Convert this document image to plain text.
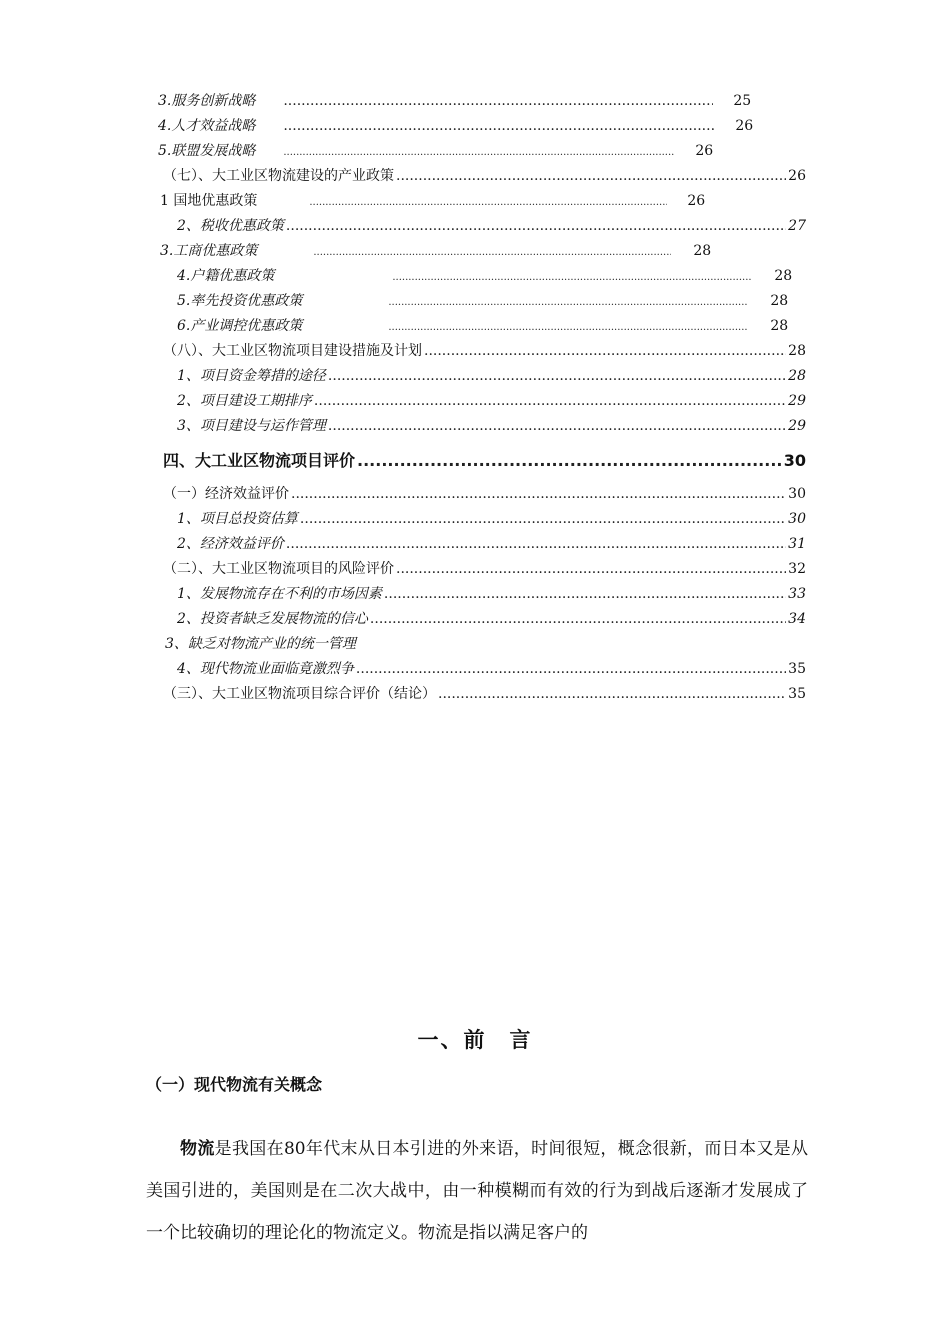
3.服务创新战略 .....	25
4.人才效益战略 .....	26
5.联盟发展战略 .....	26
（七）、大工业区物流建设的产业政策 .....	26
1 国地优惠政策 .....	26
2、税收优惠政策 .....	27
3.工商优惠政策 .....	28
4.户籍优惠政策 .....	28
5.率先投资优惠政策 .....	28
6.产业调控优惠政策 .....	28
（八）、大工业区物流项目建设措施及计划 .....	28
1、项目资金筹措的途径 .....	28
2、项目建设工期排序 .....	29
3、项目建设与运作管理 .....	29
四、大工业区物流项目评价 .....	30
（一）经济效益评价 .....	30
1、项目总投资估算 .....	30
2、经济效益评价 .....	31
（二）、大工业区物流项目的风险评价 .....	32
1、发展物流存在不利的市场因素 .....	33
2、投资者缺乏发展物流的信心 .....	34
3、缺乏对物流产业的统一管理
4、现代物流业面临竟激烈争 .....	35
（三）、大工业区物流项目综合评价（结论） .....	35
一、前　言
（一）现代物流有关概念
物流是我国在80年代末从日本引进的外来语，时间很短，概念很新，而日本又是从美国引进的，美国则是在二次大战中，由一种模糊而有效的行为到战后逐渐才发展成了一个比较确切的理论化的物流定义。物流是指以满足客户的
